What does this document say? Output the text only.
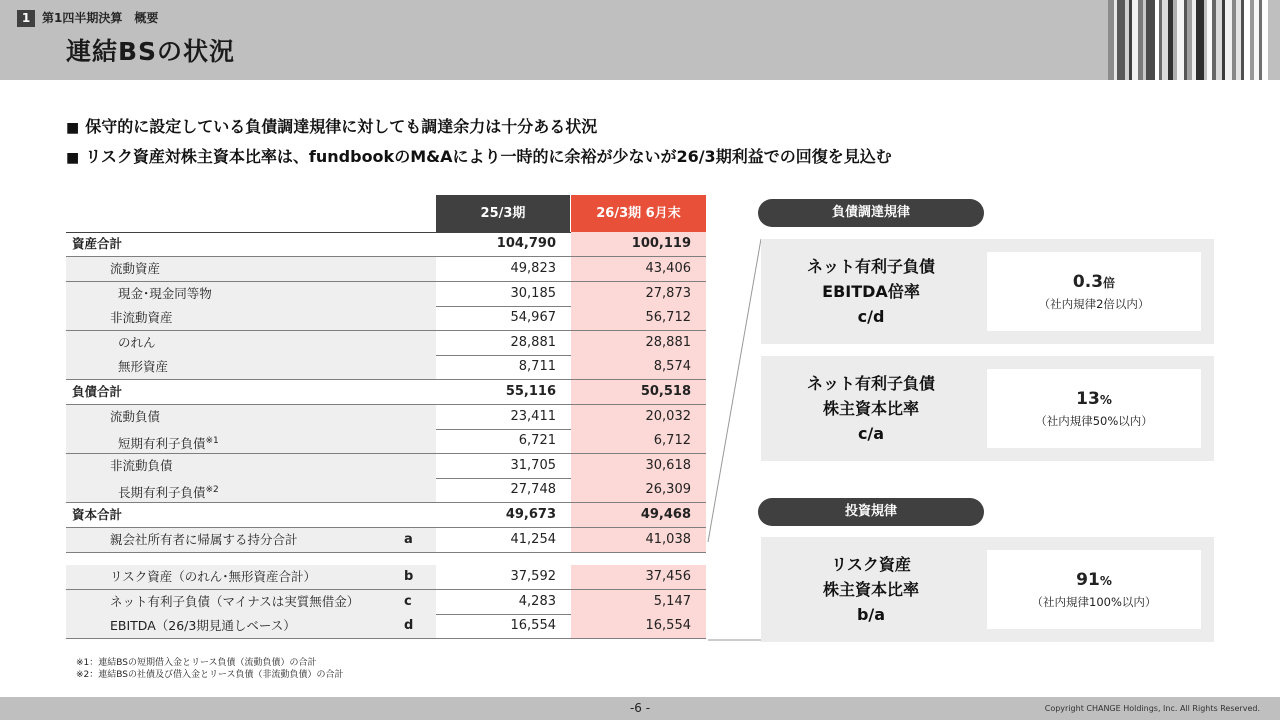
1 第1四半期決算　概要
連結BSの状況
■ 保守的に設定している負債調達規律に対しても調達余力は十分ある状況
■ リスク資産対株主資本比率は、fundbookのM&Aにより一時的に余裕が少ないが26/3期利益での回復を見込む
25/3期	26/3期 6月末
資産合計	104,790	100,119
流動資産	49,823	43,406
現金･現金同等物	30,185	27,873
非流動資産	54,967	56,712
のれん	28,881	28,881
無形資産	8,711	8,574
負債合計	55,116	50,518
流動負債	23,411	20,032
短期有利子負債$^{※1}$	6,721	6,712
非流動負債	31,705	30,618
長期有利子負債$^{※2}$	27,748	26,309
資本合計	49,673	49,468
親会社所有者に帰属する持分合計	a	41,254	41,038
リスク資産（のれん･無形資産合計）	b	37,592	37,456
ネット有利子負債（マイナスは実質無借金）	c	4,283	5,147
EBITDA（26/3期見通しベース）	d	16,554	16,554
負債調達規律
ネット有利子負債
EBITDA倍率
c/d
0.3倍
（社内規律2倍以内）
ネット有利子負債
株主資本比率
c/a
13%
（社内規律50%以内）
投資規律
リスク資産
株主資本比率
b/a
91%
（社内規律100%以内）
※1：連結BSの短期借入金とリース負債（流動負債）の合計
※2：連結BSの社債及び借入金とリース負債（非流動負債）の合計
-6 -	Copyright CHANGE Holdings, Inc. All Rights Reserved.
